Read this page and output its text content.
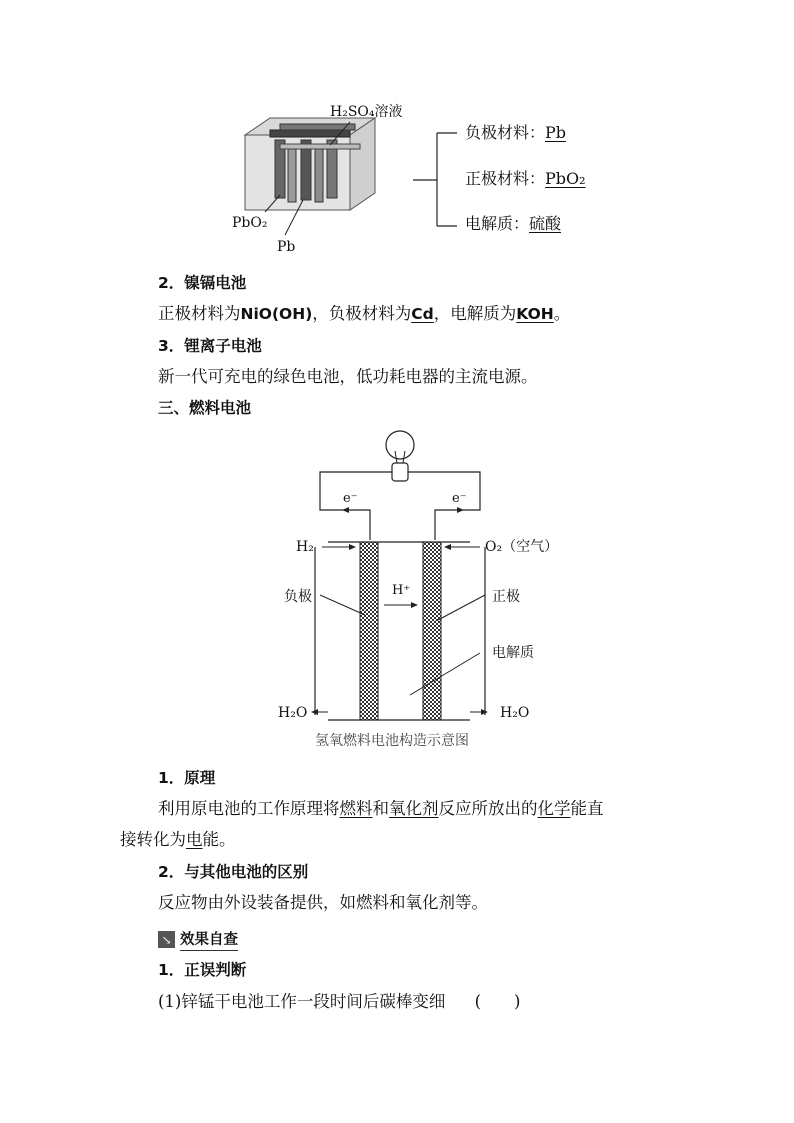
H₂SO₄溶液
PbO₂
Pb
负极材料：Pb
正极材料：PbO₂
电解质：硫酸
2．镍镉电池
正极材料为NiO(OH)，负极材料为Cd，电解质为KOH。
3．锂离子电池
新一代可充电的绿色电池，低功耗电器的主流电源。
三、燃料电池
e⁻	e⁻
H₂	O₂（空气）
负极	正极
H⁺
电解质
H₂O	H₂O
氢氧燃料电池构造示意图
1．原理
利用原电池的工作原理将燃料和氧化剂反应所放出的化学能直
接转化为电能。
2．与其他电池的区别
反应物由外设装备提供，如燃料和氧化剂等。
↘ 效果自查
1．正误判断
(1)锌锰干电池工作一段时间后碳棒变细 (　　)
